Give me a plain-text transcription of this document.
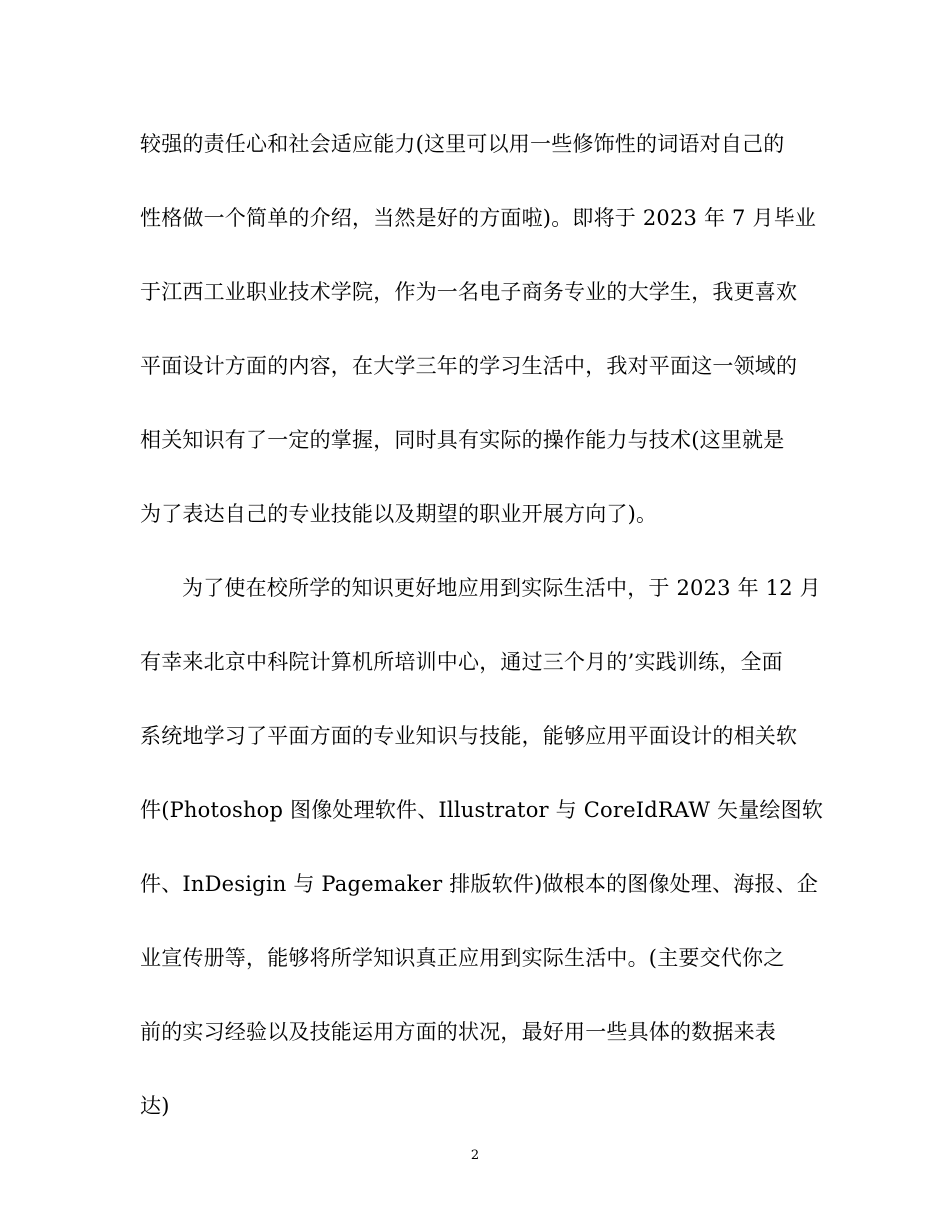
较强的责任心和社会适应能力(这里可以用一些修饰性的词语对自己的
性格做一个简单的介绍，当然是好的方面啦)。即将于 2023 年 7 月毕业
于江西工业职业技术学院，作为一名电子商务专业的大学生，我更喜欢
平面设计方面的内容，在大学三年的学习生活中，我对平面这一领域的
相关知识有了一定的掌握，同时具有实际的操作能力与技术(这里就是
为了表达自己的专业技能以及期望的职业开展方向了)。
为了使在校所学的知识更好地应用到实际生活中，于 2023 年 12 月
有幸来北京中科院计算机所培训中心，通过三个月的’实践训练，全面
系统地学习了平面方面的专业知识与技能，能够应用平面设计的相关软
件(Photoshop 图像处理软件、Illustrator 与 CoreIdRAW 矢量绘图软
件、InDesigin 与 Pagemaker 排版软件)做根本的图像处理、海报、企
业宣传册等，能够将所学知识真正应用到实际生活中。(主要交代你之
前的实习经验以及技能运用方面的状况，最好用一些具体的数据来表
达)
2
